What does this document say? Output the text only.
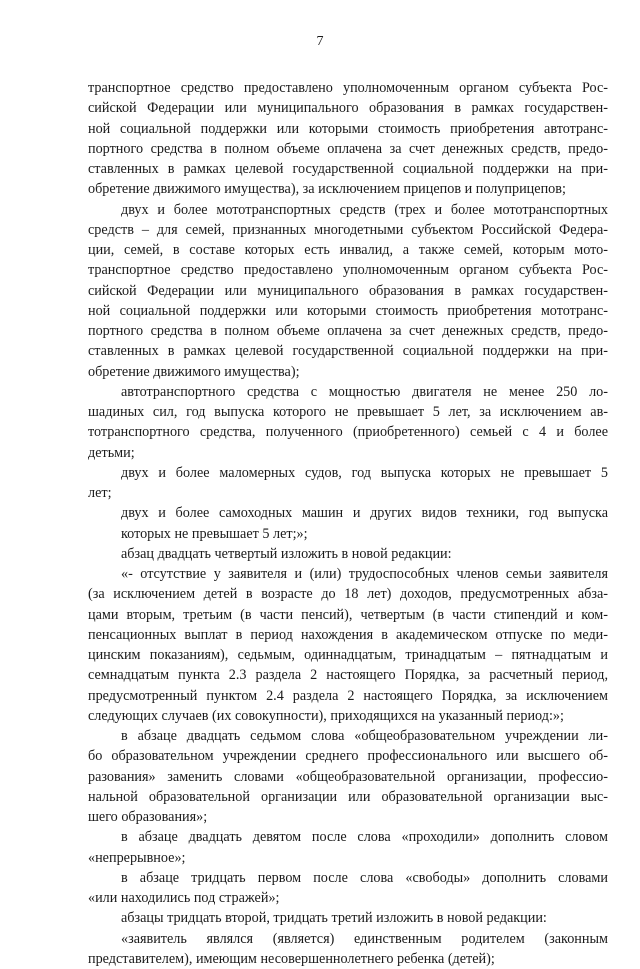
7
транспортное средство предоставлено уполномоченным органом субъекта Рос-
сийской Федерации или муниципального образования в рамках государствен-
ной социальной поддержки или которыми стоимость приобретения автотранс-
портного средства в полном объеме оплачена за счет денежных средств, предо-
ставленных в рамках целевой государственной социальной поддержки на при-
обретение движимого имущества), за исключением прицепов и полуприцепов;
двух и более мототранспортных средств (трех и более мототранспортных
средств – для семей, признанных многодетными субъектом Российской Федера-
ции, семей, в составе которых есть инвалид, а также семей, которым мото-
транспортное средство предоставлено уполномоченным органом субъекта Рос-
сийской Федерации или муниципального образования в рамках государствен-
ной социальной поддержки или которыми стоимость приобретения мототранс-
портного средства в полном объеме оплачена за счет денежных средств, предо-
ставленных в рамках целевой государственной социальной поддержки на при-
обретение движимого имущества);
автотранспортного средства с мощностью двигателя не менее 250 ло-
шадиных сил, год выпуска которого не превышает 5 лет, за исключением ав-
тотранспортного средства, полученного (приобретенного) семьей с 4 и более
детьми;
двух и более маломерных судов, год выпуска которых не превышает 5
лет;
двух и более самоходных машин и других видов техники, год выпуска
которых не превышает 5 лет;»;
абзац двадцать четвертый изложить в новой редакции:
«- отсутствие у заявителя и (или) трудоспособных членов семьи заявителя
(за исключением детей в возрасте до 18 лет) доходов, предусмотренных абза-
цами вторым, третьим (в части пенсий), четвертым (в части стипендий и ком-
пенсационных выплат в период нахождения в академическом отпуске по меди-
цинским показаниям), седьмым, одиннадцатым, тринадцатым – пятнадцатым и
семнадцатым пункта 2.3 раздела 2 настоящего Порядка, за расчетный период,
предусмотренный пунктом 2.4 раздела 2 настоящего Порядка, за исключением
следующих случаев (их совокупности), приходящихся на указанный период:»;
в абзаце двадцать седьмом слова «общеобразовательном учреждении ли-
бо образовательном учреждении среднего профессионального или высшего об-
разования» заменить словами «общеобразовательной организации, профессио-
нальной образовательной организации или образовательной организации выс-
шего образования»;
в абзаце двадцать девятом после слова «проходили» дополнить словом
«непрерывное»;
в абзаце тридцать первом после слова «свободы» дополнить словами
«или находились под стражей»;
абзацы тридцать второй, тридцать третий изложить в новой редакции:
«заявитель являлся (является) единственным родителем (законным
представителем), имеющим несовершеннолетнего ребенка (детей);
